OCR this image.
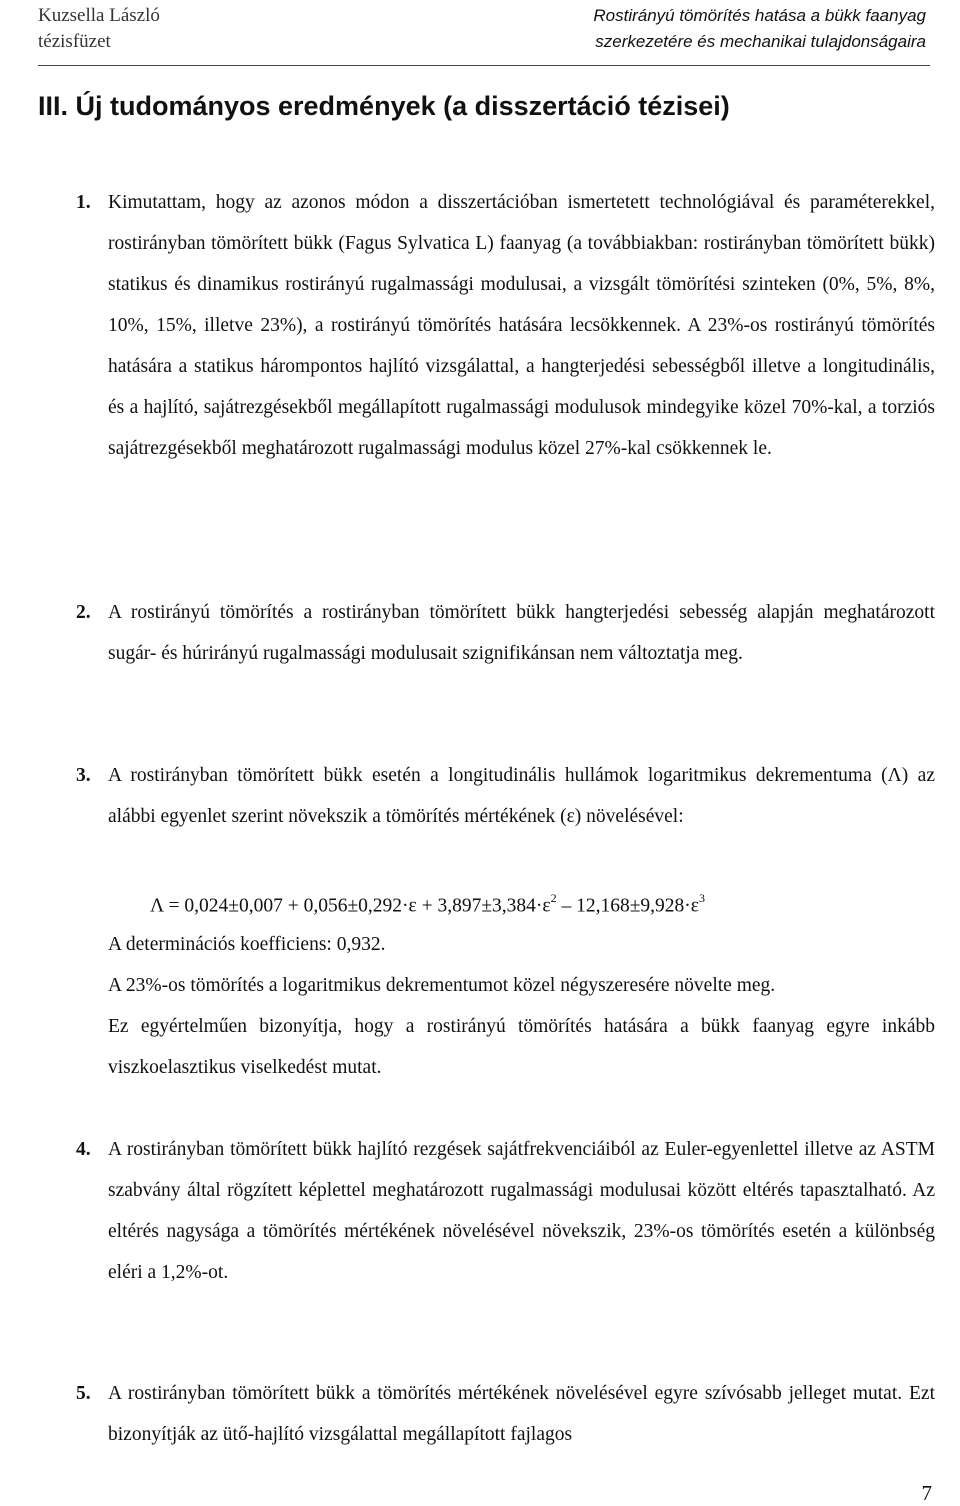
Kuzsella László
tézisfüzet
Rostirányú tömörítés hatása a bükk faanyag
szerkezetére és mechanikai tulajdonságaira
III. Új tudományos eredmények (a disszertáció tézisei)
1. Kimutattam, hogy az azonos módon a disszertációban ismertetett technológiával és paraméterekkel, rostirányban tömörített bükk (Fagus Sylvatica L) faanyag (a továbbiakban: rostirányban tömörített bükk) statikus és dinamikus rostirányú rugalmassági modulusai, a vizsgált tömörítési szinteken (0%, 5%, 8%, 10%, 15%, illetve 23%), a rostirányú tömörítés hatására lecsökkennek. A 23%-os rostirányú tömörítés hatására a statikus hárompontos hajlító vizsgálattal, a hangterjedési sebességből illetve a longitudinális, és a hajlító, sajátrezgésekből megállapított rugalmassági modulusok mindegyike közel 70%-kal, a torziós sajátrezgésekből meghatározott rugalmassági modulus közel 27%-kal csökkennek le.
2. A rostirányú tömörítés a rostirányban tömörített bükk hangterjedési sebesség alapján meghatározott sugár- és húrirányú rugalmassági modulusait szignifikánsan nem változtatja meg.
3. A rostirányban tömörített bükk esetén a longitudinális hullámok logaritmikus dekrementuma (Λ) az alábbi egyenlet szerint növekszik a tömörítés mértékének (ε) növelésével:
$\Lambda = 0,024\pm 0,007 + 0,056\pm 0,292\cdot\varepsilon + 3,897\pm 3,384\cdot\varepsilon^2 - 12,168\pm 9,928\cdot\varepsilon^3$
A determinációs koefficiens: 0,932.
A 23%-os tömörítés a logaritmikus dekrementumot közel négyszeresére növelte meg.
Ez egyértelműen bizonyítja, hogy a rostirányú tömörítés hatására a bükk faanyag egyre inkább viszkoelasztikus viselkedést mutat.
4. A rostirányban tömörített bükk hajlító rezgések sajátfrekvenciáiból az Euler-egyenlettel illetve az ASTM szabvány által rögzített képlettel meghatározott rugalmassági modulusai között eltérés tapasztalható. Az eltérés nagysága a tömörítés mértékének növelésével növekszik, 23%-os tömörítés esetén a különbség eléri a 1,2%-ot.
5. A rostirányban tömörített bükk a tömörítés mértékének növelésével egyre szívósabb jelleget mutat. Ezt bizonyítják az ütő-hajlító vizsgálattal megállapított fajlagos
7
